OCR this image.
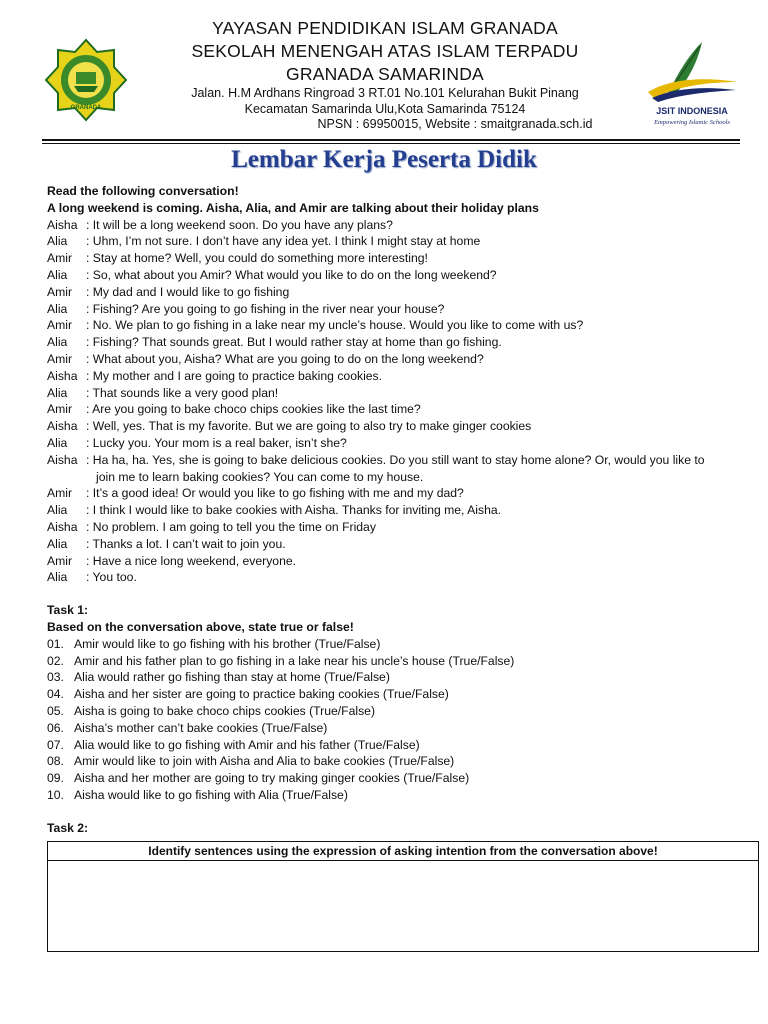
GRANADA
YAYASAN PENDIDIKAN ISLAM GRANADA
SEKOLAH MENENGAH ATAS ISLAM TERPADU
GRANADA SAMARINDA
Jalan. H.M Ardhans Ringroad 3 RT.01 No.101 Kelurahan Bukit Pinang
Kecamatan Samarinda Ulu,Kota Samarinda 75124
NPSN : 69950015, Website : smaitgranada.sch.id
JSIT INDONESIA
Empowering Islamic Schools
Lembar Kerja Peserta Didik
Read the following conversation!
A long weekend is coming. Aisha, Alia, and Amir are talking about their holiday plans
Aisha : It will be a long weekend soon. Do you have any plans?
Alia	: Uhm, I’m not sure. I don’t have any idea yet. I think I might stay at home
Amir	: Stay at home? Well, you could do something more interesting!
Alia	: So, what about you Amir? What would you like to do on the long weekend?
Amir	: My dad and I would like to go fishing
Alia	: Fishing? Are you going to go fishing in the river near your house?
Amir	: No. We plan to go fishing in a lake near my uncle’s house. Would you like to come with us?
Alia	: Fishing? That sounds great. But I would rather stay at home than go fishing.
Amir	: What about you, Aisha? What are you going to do on the long weekend?
Aisha : My mother and I are going to practice baking cookies.
Alia	: That sounds like a very good plan!
Amir	: Are you going to bake choco chips cookies like the last time?
Aisha : Well, yes. That is my favorite. But we are going to also try to make ginger cookies
Alia	: Lucky you. Your mom is a real baker, isn’t she?
Aisha : Ha ha, ha. Yes, she is going to bake delicious cookies. Do you still want to stay home alone? Or, would you like to
join me to learn baking cookies? You can come to my house.
Amir	: It’s a good idea! Or would you like to go fishing with me and my dad?
Alia	: I think I would like to bake cookies with Aisha. Thanks for inviting me, Aisha.
Aisha : No problem. I am going to tell you the time on Friday
Alia	: Thanks a lot. I can’t wait to join you.
Amir	: Have a nice long weekend, everyone.
Alia	: You too.
Task 1:
Based on the conversation above, state true or false!
01. Amir would like to go fishing with his brother (True/False)
02. Amir and his father plan to go fishing in a lake near his uncle’s house (True/False)
03. Alia would rather go fishing than stay at home (True/False)
04. Aisha and her sister are going to practice baking cookies (True/False)
05. Aisha is going to bake choco chips cookies (True/False)
06. Aisha’s mother can’t bake cookies (True/False)
07. Alia would like to go fishing with Amir and his father (True/False)
08. Amir would like to join with Aisha and Alia to bake cookies (True/False)
09. Aisha and her mother are going to try making ginger cookies (True/False)
10. Aisha would like to go fishing with Alia (True/False)
Task 2:
Identify sentences using the expression of asking intention from the conversation above!
